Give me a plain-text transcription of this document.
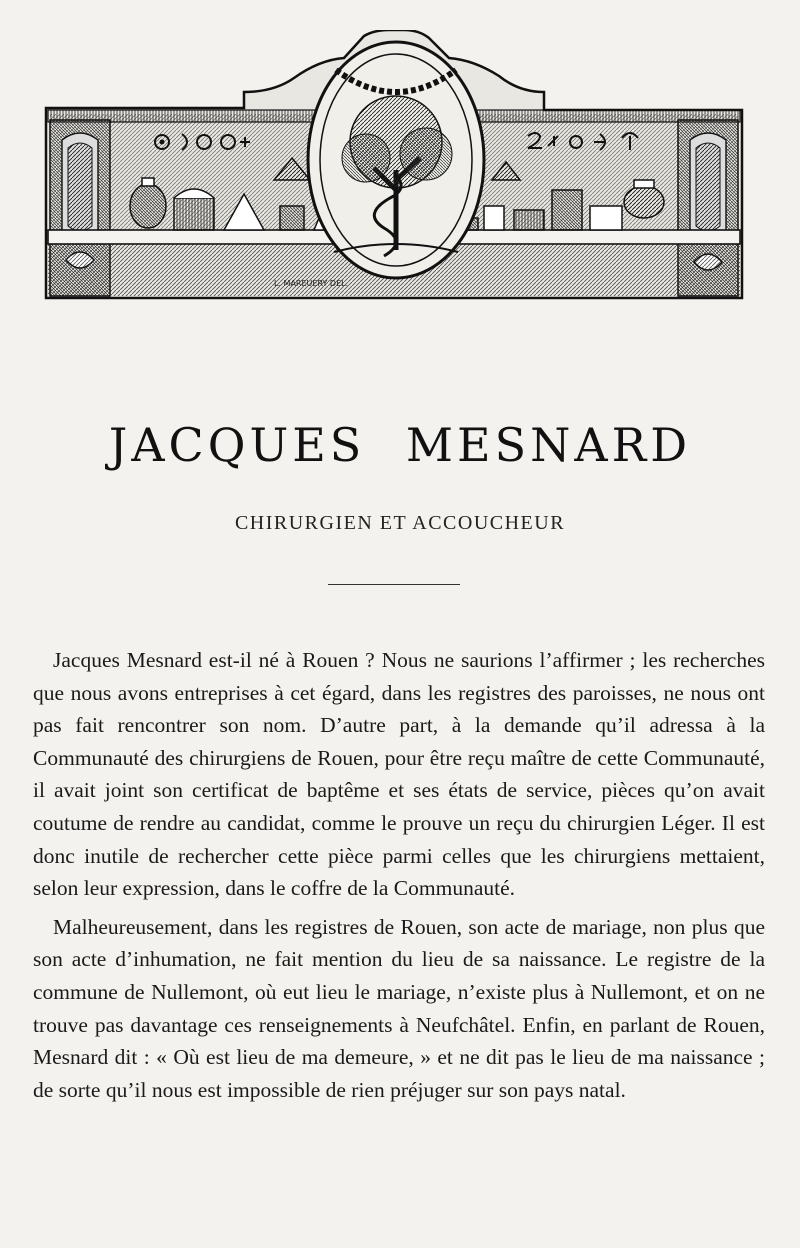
L. MAREUERY DEL.
JACQUES MESNARD
CHIRURGIEN ET ACCOUCHEUR

Jacques Mesnard est-il né à Rouen ? Nous ne saurions l’affirmer ; les recherches que nous avons entreprises à cet égard, dans les registres des paroisses, ne nous ont pas fait rencontrer son nom. D’autre part, à la demande qu’il adressa à la Communauté des chirurgiens de Rouen, pour être reçu maître de cette Communauté, il avait joint son certificat de baptême et ses états de service, pièces qu’on avait coutume de rendre au candidat, comme le prouve un reçu du chirurgien Léger. Il est donc inutile de rechercher cette pièce parmi celles que les chirurgiens mettaient, selon leur expression, dans le coffre de la Communauté.

Malheureusement, dans les registres de Rouen, son acte de mariage, non plus que son acte d’inhumation, ne fait mention du lieu de sa naissance. Le registre de la commune de Nullemont, où eut lieu le mariage, n’existe plus à Nullemont, et on ne trouve pas davantage ces renseignements à Neufchâtel. Enfin, en parlant de Rouen, Mesnard dit : « Où est lieu de ma demeure, » et ne dit pas le lieu de ma naissance ; de sorte qu’il nous est impossible de rien préjuger sur son pays natal.
